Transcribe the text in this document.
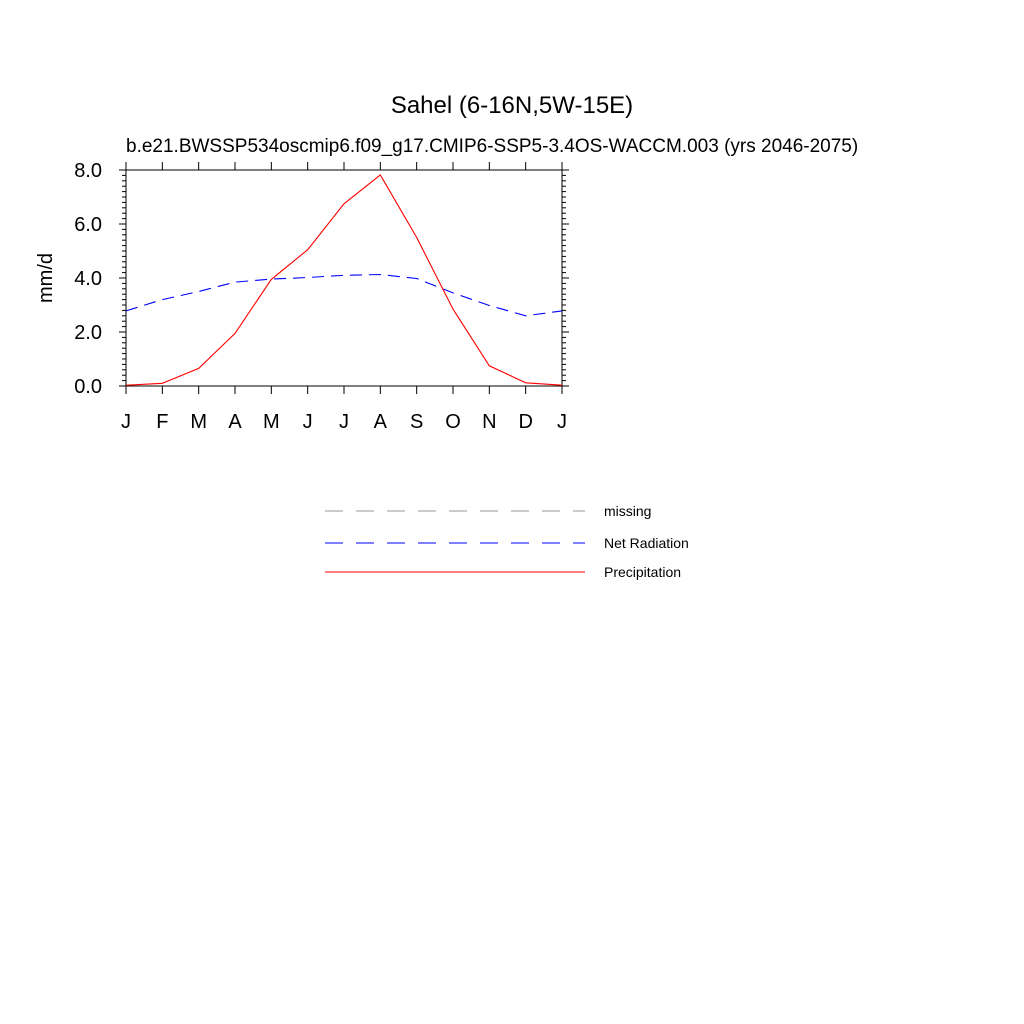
Sahel (6-16N,5W-15E)
b.e21.BWSSP534oscmip6.f09_g17.CMIP6-SSP5-3.4OS-WACCM.003 (yrs 2046-2075)
mm/d
0.0
2.0
4.0
6.0
8.0
J F M A M J J A S O N D J
missing
Net Radiation
Precipitation
